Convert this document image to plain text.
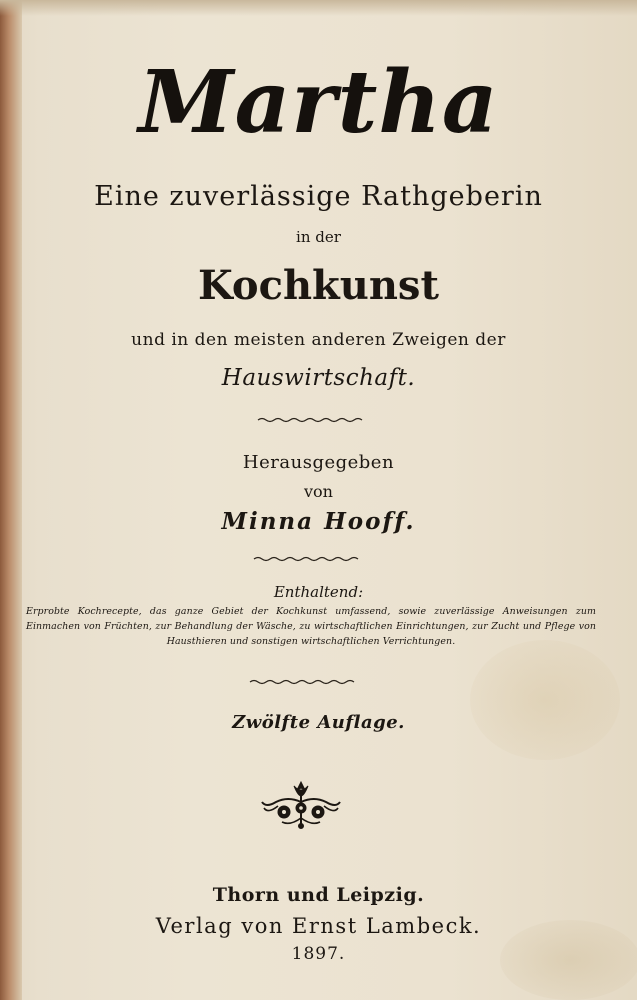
Martha
Eine zuverlässige Rathgeberin
in der
Kochkunst
und in den meisten anderen Zweigen der
Hauswirtschaft.
Herausgegeben
von
Minna Hooff.
Enthaltend:
Erprobte Kochrecepte, das ganze Gebiet der Kochkunst umfassend, sowie zuverlässige Anweisungen zum Einmachen von Früchten, zur Behandlung der Wäsche, zu wirtschaftlichen Einrichtungen, zur Zucht und Pflege von Hausthieren und sonstigen wirtschaftlichen Verrichtungen.
Zwölfte Auflage.
Thorn und Leipzig.
Verlag von Ernst Lambeck.
1897.
